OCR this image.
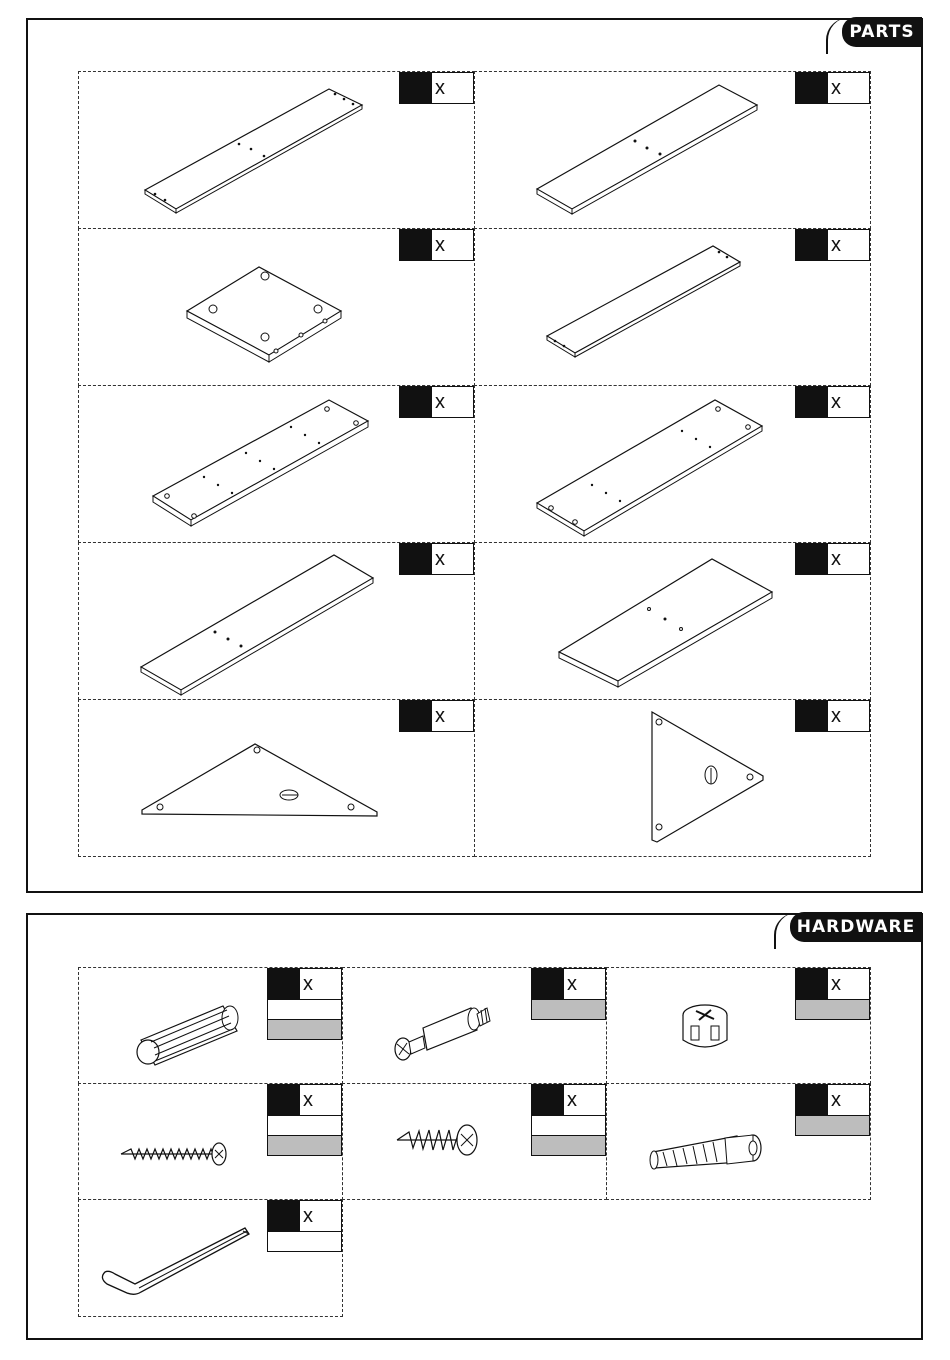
PARTS
x	x
x	x
x	x
x	x
x	x
HARDWARE
x	x	x
x	x	x
x
